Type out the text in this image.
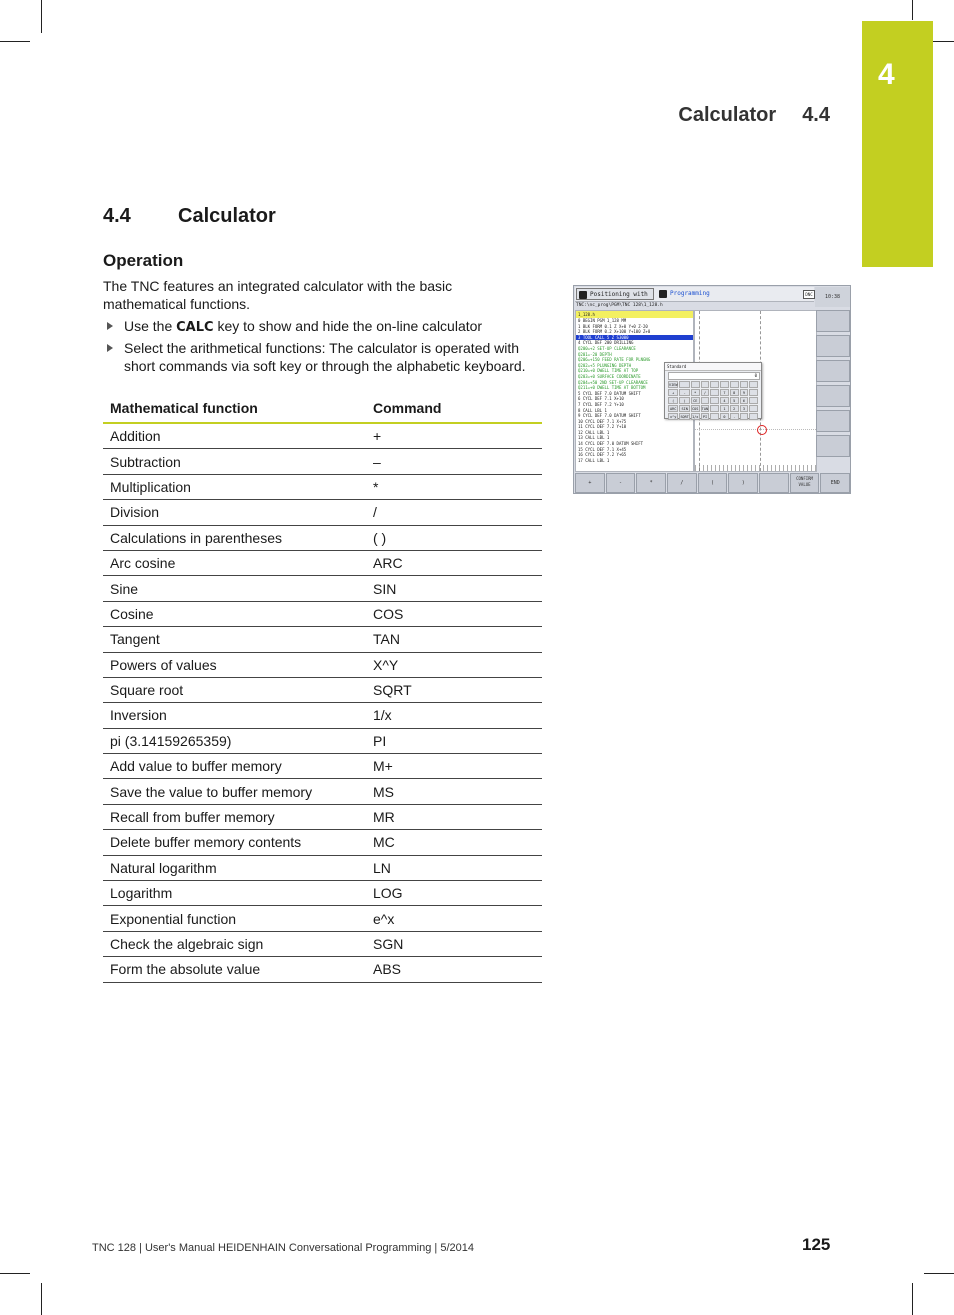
4
Calculator 4.4
4.4 Calculator
Operation

The TNC features an integrated calculator with the basic mathematical functions.

Use the CALC key to show and hide the on-line calculator
Select the arithmetical functions: The calculator is operated with short commands via soft key or through the alphabetic keyboard.
Mathematical function	Command
Addition	+
Subtraction	–
Multiplication	*
Division	/
Calculations in parentheses	( )
Arc cosine	ARC
Sine	SIN
Cosine	COS
Tangent	TAN
Powers of values	X^Y
Square root	SQRT
Inversion	1/x
pi (3.14159265359)	PI
Add value to buffer memory	M+
Save the value to buffer memory	MS
Recall from buffer memory	MR
Delete buffer memory contents	MC
Natural logarithm	LN
Logarithm	LOG
Exponential function	e^x
Check the algebraic sign	SGN
Form the absolute value	ABS
Positioning with	Programming	DNC	10:38
TNC:\nc_prog\PGM\TNC 128\1_128.h
1_128.h
0 BEGIN PGM 1_128 MM
1 BLK FORM 0.1 Z X+0 Y+0 Z-20
2 BLK FORM 0.2 X+100 Y+100 Z+0
3 TOOL CALL 5 Z S3000
4 CYCL DEF 200 DRILLING
Q200=+2 SET-UP CLEARANCE
Q201=-20 DEPTH
Q206=+150 FEED RATE FOR PLNGNG
Q202=+5 PLUNGING DEPTH
Q210=+0 DWELL TIME AT TOP
Q203=+0 SURFACE COORDINATE
Q204=+50 2ND SET-UP CLEARANCE
Q211=+0 DWELL TIME AT BOTTOM
5 CYCL DEF 7.0 DATUM SHIFT
6 CYCL DEF 7.1 X+10
7 CYCL DEF 7.2 Y+10
8 CALL LBL 1
9 CYCL DEF 7.0 DATUM SHIFT
10 CYCL DEF 7.1 X+75
11 CYCL DEF 7.2 Y+10
12 CALL LBL 1
13 CALL LBL 1
14 CYCL DEF 7.0 DATUM SHIFT
15 CYCL DEF 7.1 X+45
16 CYCL DEF 7.2 Y+65
17 CALL LBL 1
Standard
0
VIEW
+	-	*	/	7	8	9
(	)	CE	4	5	6
ARC	SIN	COS TAN	1	2	3
x^y	SQRT 1/x	PI	0	.
+	-	*	/	(	)
CONFIRM VALUE	END
TNC 128 | User's Manual HEIDENHAIN Conversational Programming | 5/2014	125
